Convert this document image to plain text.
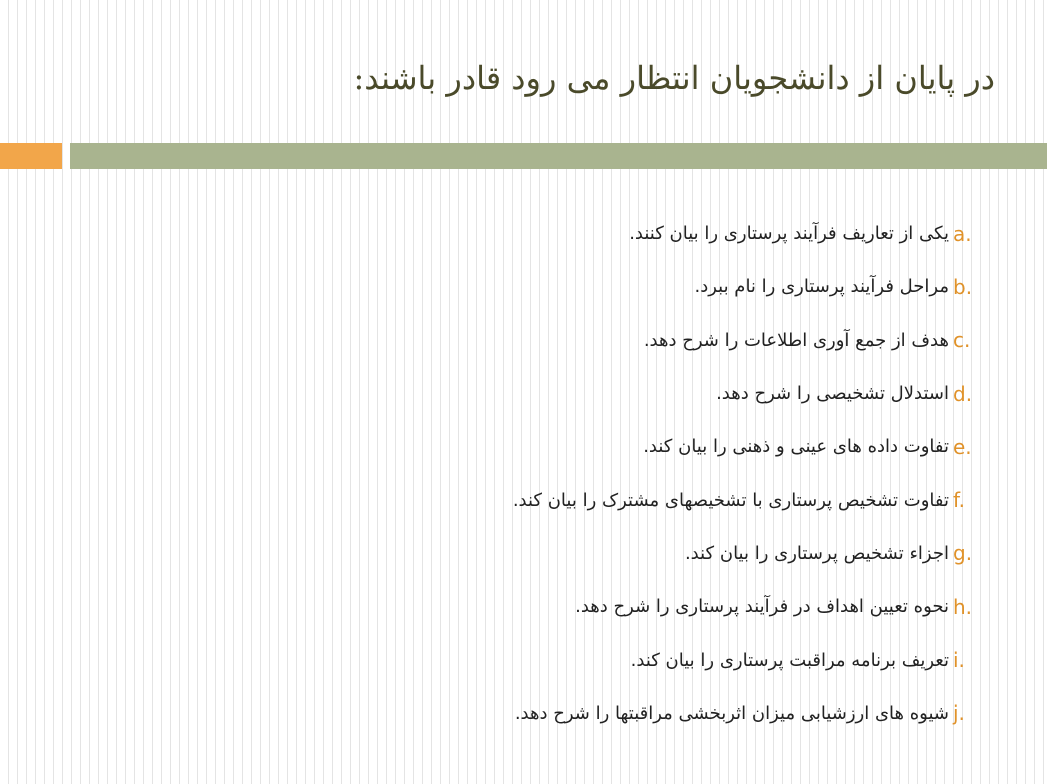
در پایان از دانشجویان انتظار می رود قادر باشند:
a.
یکی از تعاریف فرآیند پرستاری را بیان کنند.
b.
مراحل فرآیند پرستاری را نام ببرد.
c.
هدف از جمع آوری اطلاعات را شرح دهد.
d.
استدلال تشخیصی را شرح دهد.
e.
تفاوت داده های عینی و ذهنی را بیان کند.
f.
تفاوت تشخیص پرستاری با تشخیصهای مشترک را بیان کند.
g.
اجزاء تشخیص پرستاری را بیان کند.
h.
نحوه تعیین اهداف در فرآیند پرستاری را شرح دهد.
i.
تعریف برنامه مراقبت پرستاری را بیان کند.
j.
شیوه های ارزشیابی میزان اثربخشی مراقبتها را شرح دهد.
